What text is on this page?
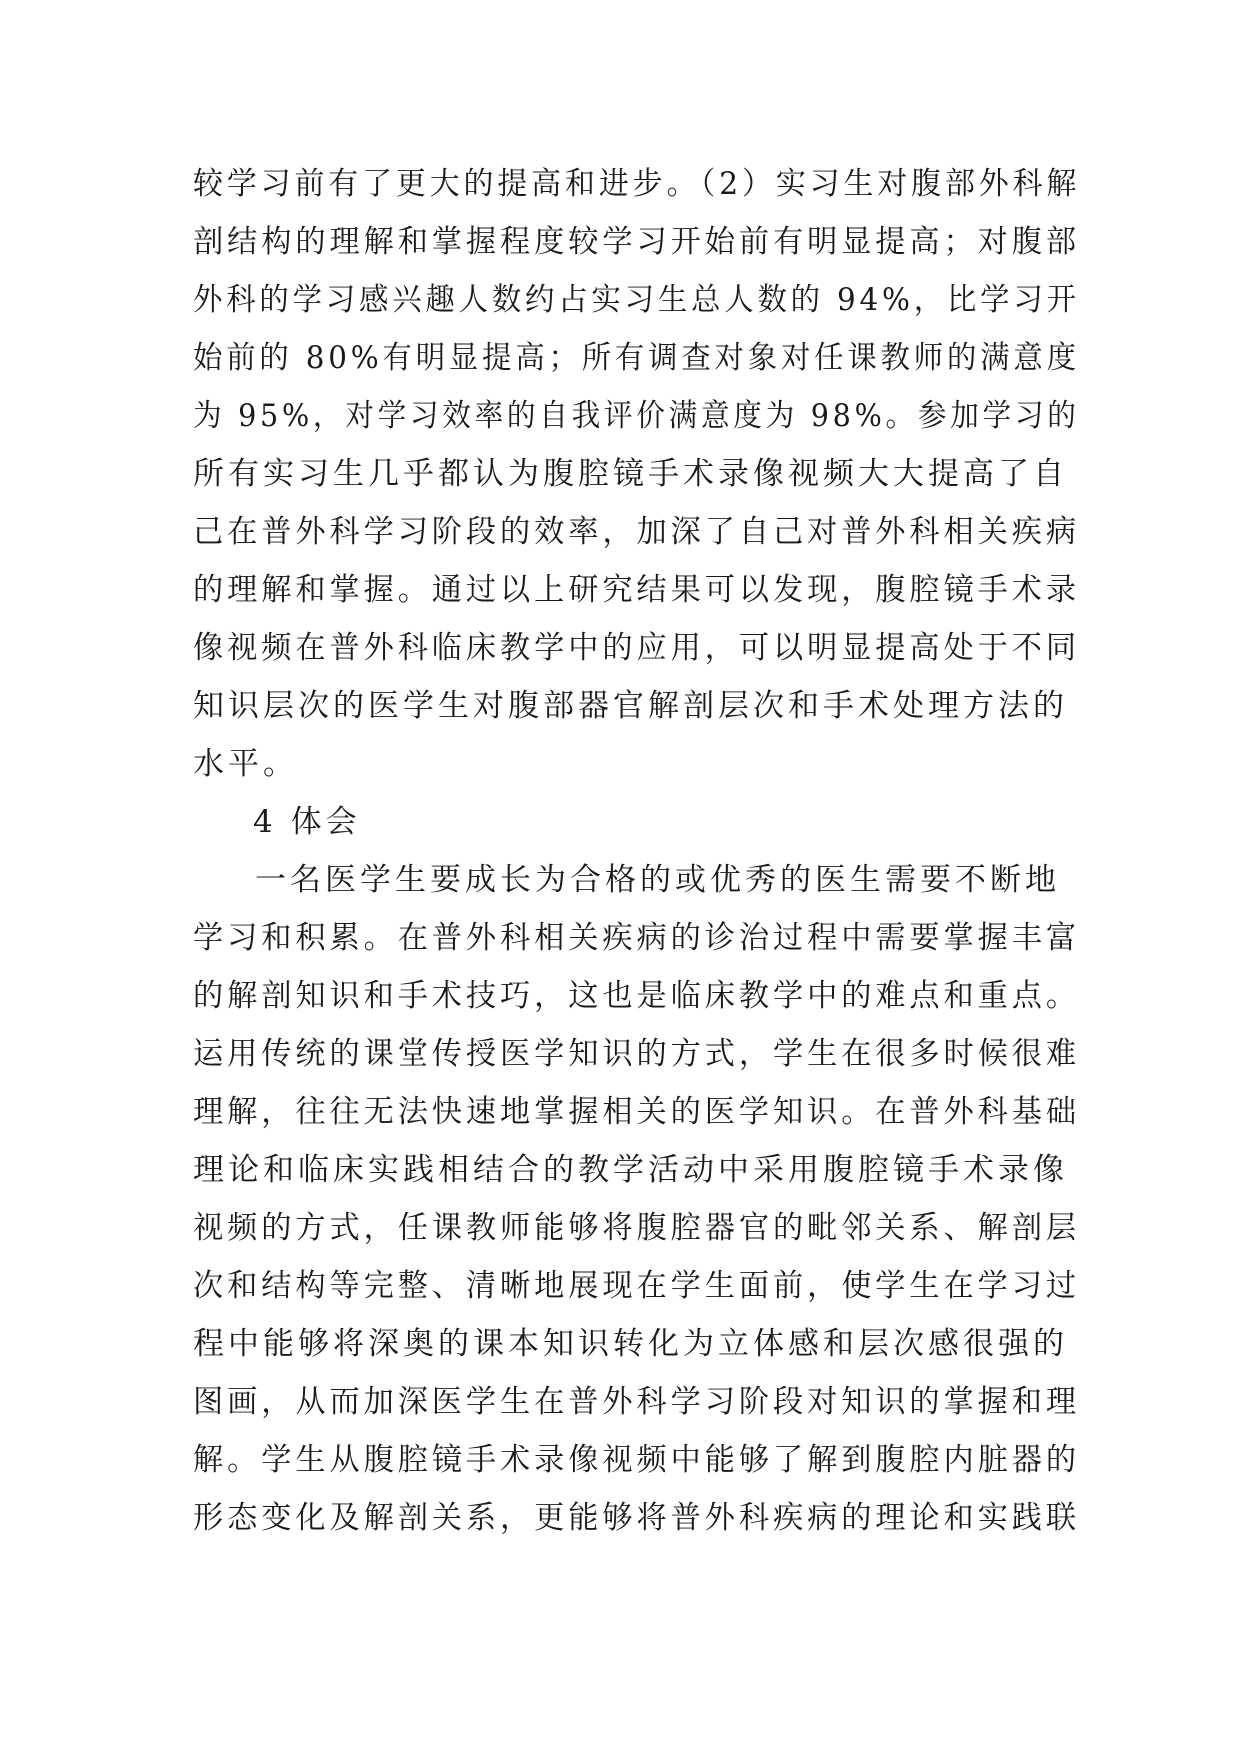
较学习前有了更大的提高和进步。（2）实习生对腹部外科解
剖结构的理解和掌握程度较学习开始前有明显提高；对腹部
外科的学习感兴趣人数约占实习生总人数的 94%，比学习开
始前的 80%有明显提高；所有调查对象对任课教师的满意度
为 95%，对学习效率的自我评价满意度为 98%。参加学习的
所有实习生几乎都认为腹腔镜手术录像视频大大提高了自
己在普外科学习阶段的效率，加深了自己对普外科相关疾病
的理解和掌握。通过以上研究结果可以发现，腹腔镜手术录
像视频在普外科临床教学中的应用，可以明显提高处于不同
知识层次的医学生对腹部器官解剖层次和手术处理方法的
水平。
4 体会
一名医学生要成长为合格的或优秀的医生需要不断地
学习和积累。在普外科相关疾病的诊治过程中需要掌握丰富
的解剖知识和手术技巧，这也是临床教学中的难点和重点。
运用传统的课堂传授医学知识的方式，学生在很多时候很难
理解，往往无法快速地掌握相关的医学知识。在普外科基础
理论和临床实践相结合的教学活动中采用腹腔镜手术录像
视频的方式，任课教师能够将腹腔器官的毗邻关系、解剖层
次和结构等完整、清晰地展现在学生面前，使学生在学习过
程中能够将深奥的课本知识转化为立体感和层次感很强的
图画，从而加深医学生在普外科学习阶段对知识的掌握和理
解。学生从腹腔镜手术录像视频中能够了解到腹腔内脏器的
形态变化及解剖关系，更能够将普外科疾病的理论和实践联
